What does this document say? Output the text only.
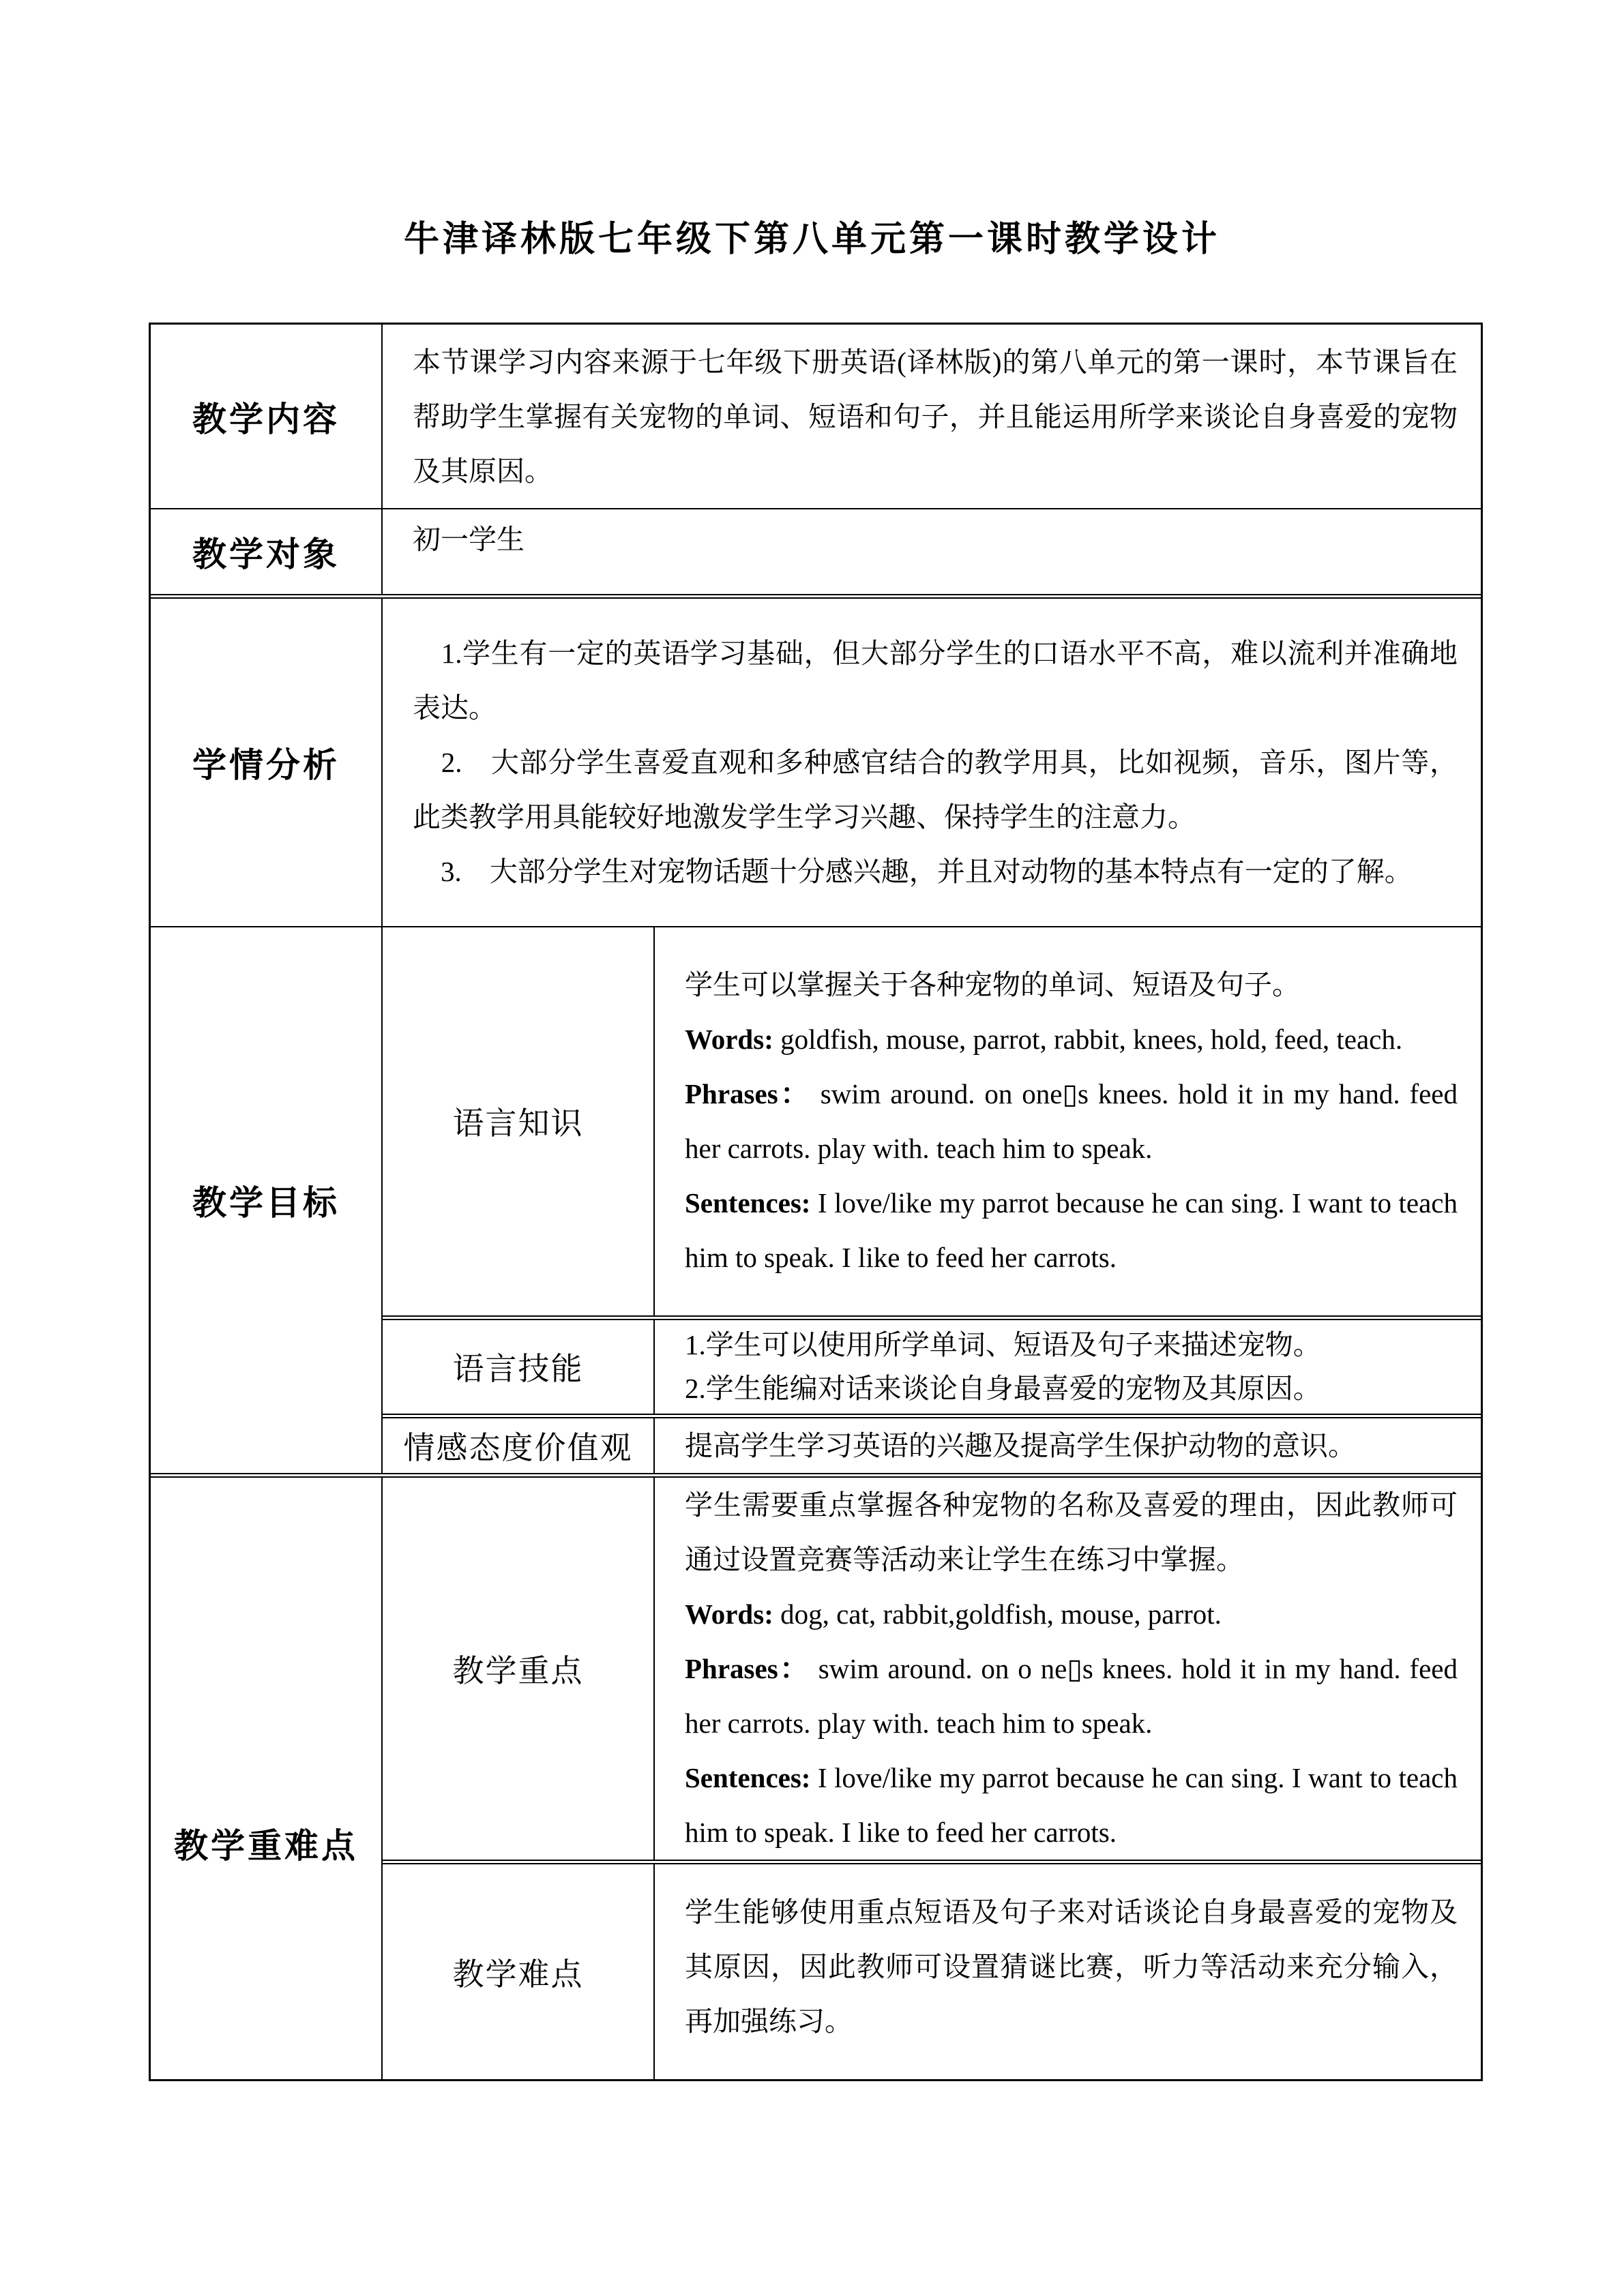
牛津译林版七年级下第八单元第一课时教学设计
教学内容
本节课学习内容来源于七年级下册英语(译林版)的第八单元的第一课时，本节课旨在帮助学生掌握有关宠物的单词、短语和句子，并且能运用所学来谈论自身喜爱的宠物及其原因。
教学对象	初一学生
学情分析
　1.学生有一定的英语学习基础，但大部分学生的口语水平不高，难以流利并准确地表达。
　2.　大部分学生喜爱直观和多种感官结合的教学用具，比如视频，音乐，图片等，此类教学用具能较好地激发学生学习兴趣、保持学生的注意力。
　3.　大部分学生对宠物话题十分感兴趣，并且对动物的基本特点有一定的了解。
教学目标
语言知识
学生可以掌握关于各种宠物的单词、短语及句子。
Words: goldfish, mouse, parrot, rabbit, knees, hold, feed, teach.
Phrases： swim around. on one▯s knees. hold it in my hand. feed her carrots. play with. teach him to speak.
Sentences: I love/like my parrot because he can sing. I want to teach him to speak. I like to feed her carrots.
语言技能
1.学生可以使用所学单词、短语及句子来描述宠物。
2.学生能编对话来谈论自身最喜爱的宠物及其原因。
情感态度价值观 提高学生学习英语的兴趣及提高学生保护动物的意识。
教学重难点
教学重点
学生需要重点掌握各种宠物的名称及喜爱的理由，因此教师可通过设置竞赛等活动来让学生在练习中掌握。
Words: dog, cat, rabbit,goldfish, mouse, parrot.
Phrases： swim around. on o ne▯s knees. hold it in my hand. feed her carrots. play with. teach him to speak.
Sentences: I love/like my parrot because he can sing. I want to teach him to speak. I like to feed her carrots.
教学难点
学生能够使用重点短语及句子来对话谈论自身最喜爱的宠物及其原因，因此教师可设置猜谜比赛，听力等活动来充分输入，再加强练习。
